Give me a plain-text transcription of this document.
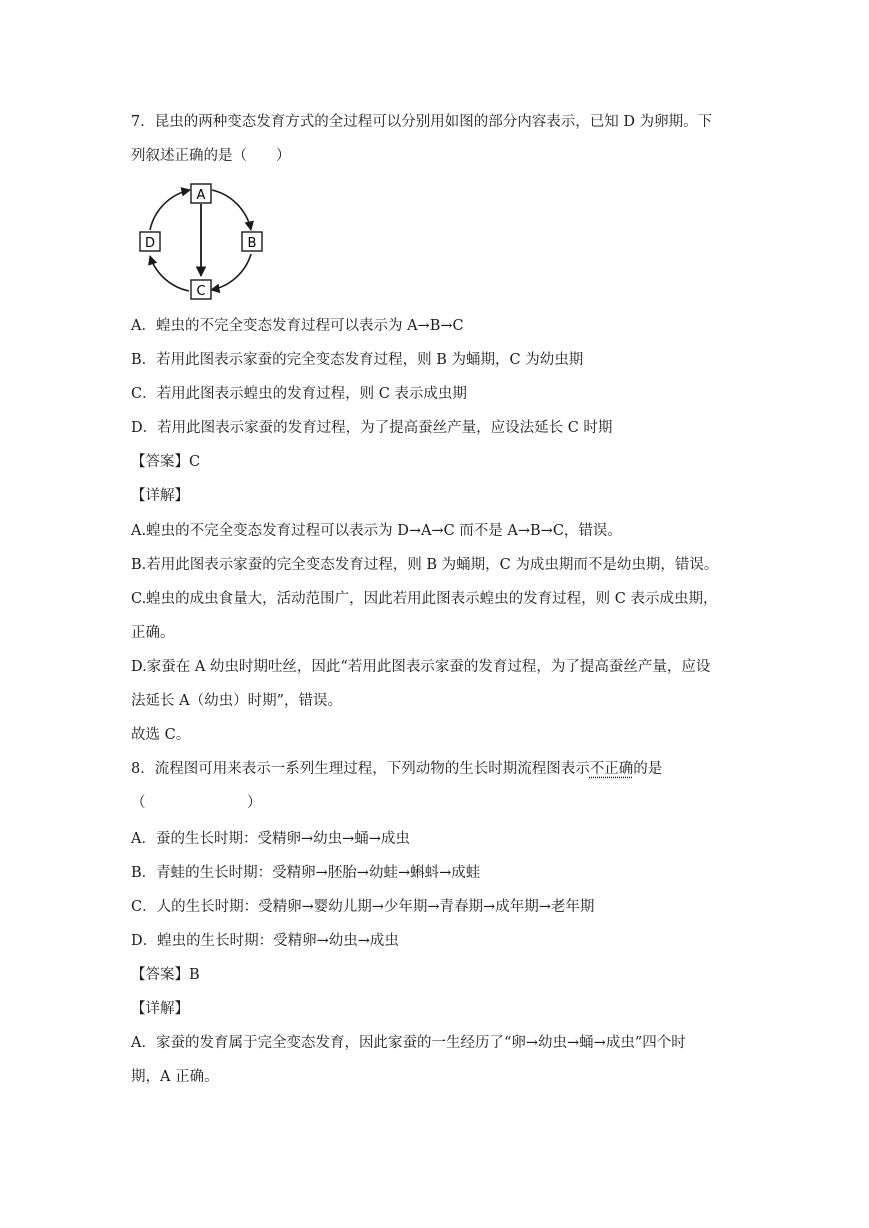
7．昆虫的两种变态发育方式的全过程可以分别用如图的部分内容表示，已知 D 为卵期。下
列叙述正确的是（　　）
A
B
C
D
A．蝗虫的不完全变态发育过程可以表示为 A→B→C
B．若用此图表示家蚕的完全变态发育过程，则 B 为蛹期，C 为幼虫期
C．若用此图表示蝗虫的发育过程，则 C 表示成虫期
D．若用此图表示家蚕的发育过程，为了提高蚕丝产量，应设法延长 C 时期
【答案】C
【详解】
A.蝗虫的不完全变态发育过程可以表示为 D→A→C 而不是 A→B→C，错误。
B.若用此图表示家蚕的完全变态发育过程，则 B 为蛹期，C 为成虫期而不是幼虫期，错误。
C.蝗虫的成虫食量大，活动范围广，因此若用此图表示蝗虫的发育过程，则 C 表示成虫期，
正确。
D.家蚕在 A 幼虫时期吐丝，因此“若用此图表示家蚕的发育过程，为了提高蚕丝产量，应设
法延长 A（幼虫）时期”，错误。
故选 C。
8．流程图可用来表示一系列生理过程，下列动物的生长时期流程图表示不正确的是
（　　　　　　　）
A．蚕的生长时期：受精卵→幼虫→蛹→成虫
B．青蛙的生长时期：受精卵→胚胎→幼蛙→蝌蚪→成蛙
C．人的生长时期：受精卵→婴幼儿期→少年期→青春期→成年期→老年期
D．蝗虫的生长时期：受精卵→幼虫→成虫
【答案】B
【详解】
A．家蚕的发育属于完全变态发育，因此家蚕的一生经历了“卵→幼虫→蛹→成虫”四个时
期，A 正确。
